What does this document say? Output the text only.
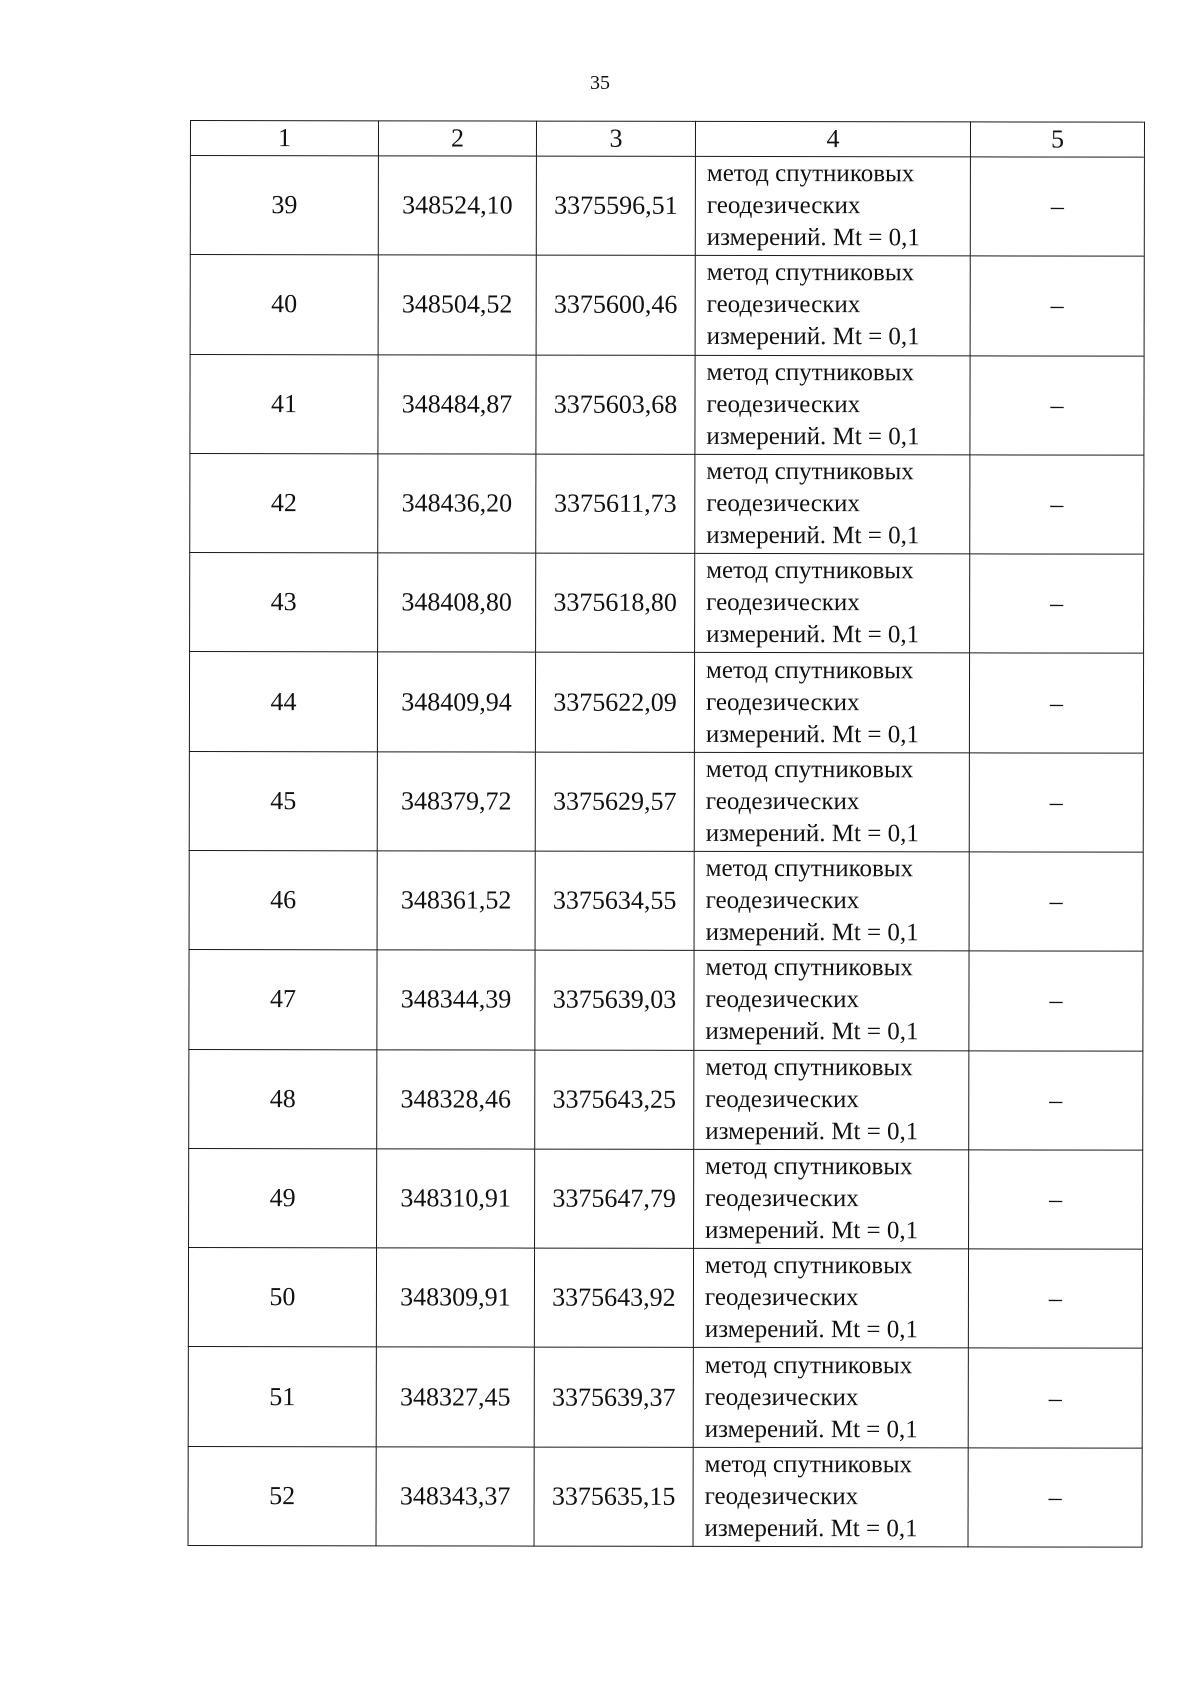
35
1	2	3	4	5
39	348524,10	3375596,51	метод спутниковых
геодезических
измерений. Mt = 0,1	–
40	348504,52	3375600,46	метод спутниковых
геодезических
измерений. Mt = 0,1	–
41	348484,87	3375603,68	метод спутниковых
геодезических
измерений. Mt = 0,1	–
42	348436,20	3375611,73	метод спутниковых
геодезических
измерений. Mt = 0,1	–
43	348408,80	3375618,80	метод спутниковых
геодезических
измерений. Mt = 0,1	–
44	348409,94	3375622,09	метод спутниковых
геодезических
измерений. Mt = 0,1	–
45	348379,72	3375629,57	метод спутниковых
геодезических
измерений. Mt = 0,1	–
46	348361,52	3375634,55	метод спутниковых
геодезических
измерений. Mt = 0,1	–
47	348344,39	3375639,03	метод спутниковых
геодезических
измерений. Mt = 0,1	–
48	348328,46	3375643,25	метод спутниковых
геодезических
измерений. Mt = 0,1	–
49	348310,91	3375647,79	метод спутниковых
геодезических
измерений. Mt = 0,1	–
50	348309,91	3375643,92	метод спутниковых
геодезических
измерений. Mt = 0,1	–
51	348327,45	3375639,37	метод спутниковых
геодезических
измерений. Mt = 0,1	–
52	348343,37	3375635,15	метод спутниковых
геодезических
измерений. Mt = 0,1	–
